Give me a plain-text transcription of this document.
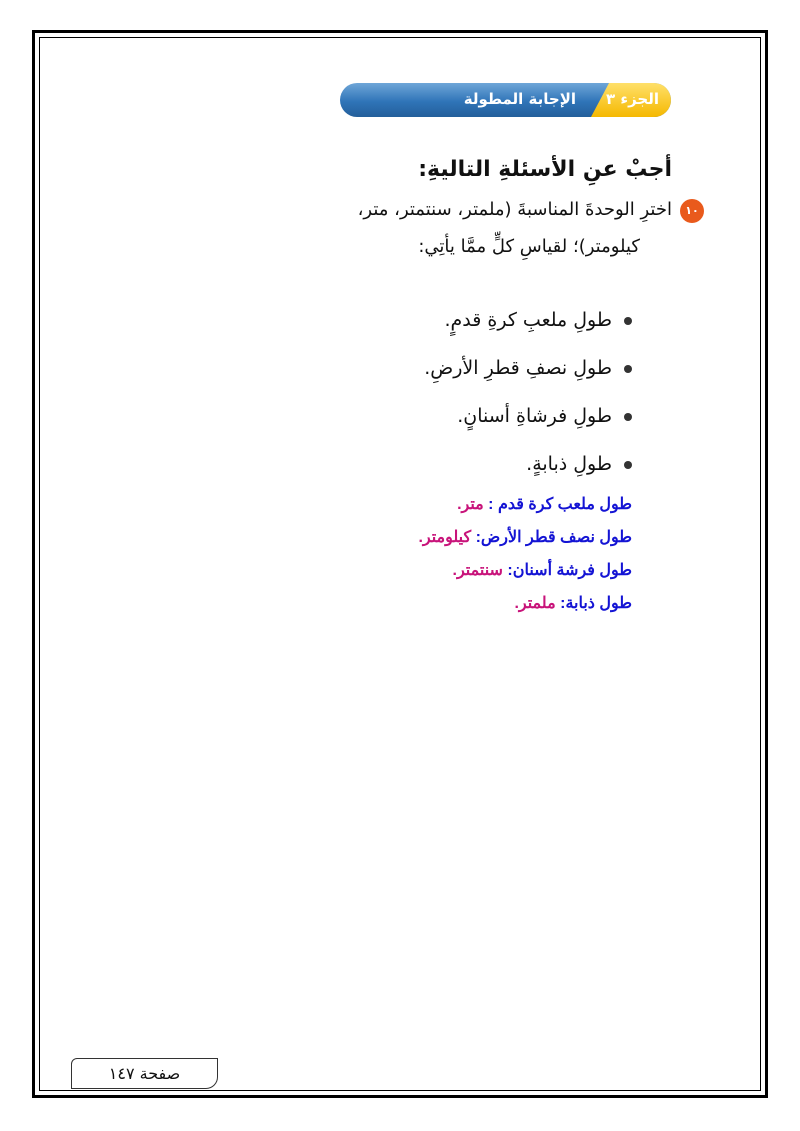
الجزء ٣
الإجابة المطولة
أجبْ عنِ الأسئلةِ التاليةِ:
١٠
اخترِ الوحدةَ المناسبةَ (ملمتر، سنتمتر، متر،
كيلومتر)؛ لقياسِ كلٍّ ممَّا يأتِي:
طولِ ملعبِ كرةِ قدمٍ.
طولِ نصفِ قطرِ الأرضِ.
طولِ فرشاةِ أسنانٍ.
طولِ ذبابةٍ.
طول ملعب كرة قدم : متر.
طول نصف قطر الأرض: كيلومتر.
طول فرشة أسنان: سنتمتر.
طول ذبابة: ملمتر.
صفحة ١٤٧
